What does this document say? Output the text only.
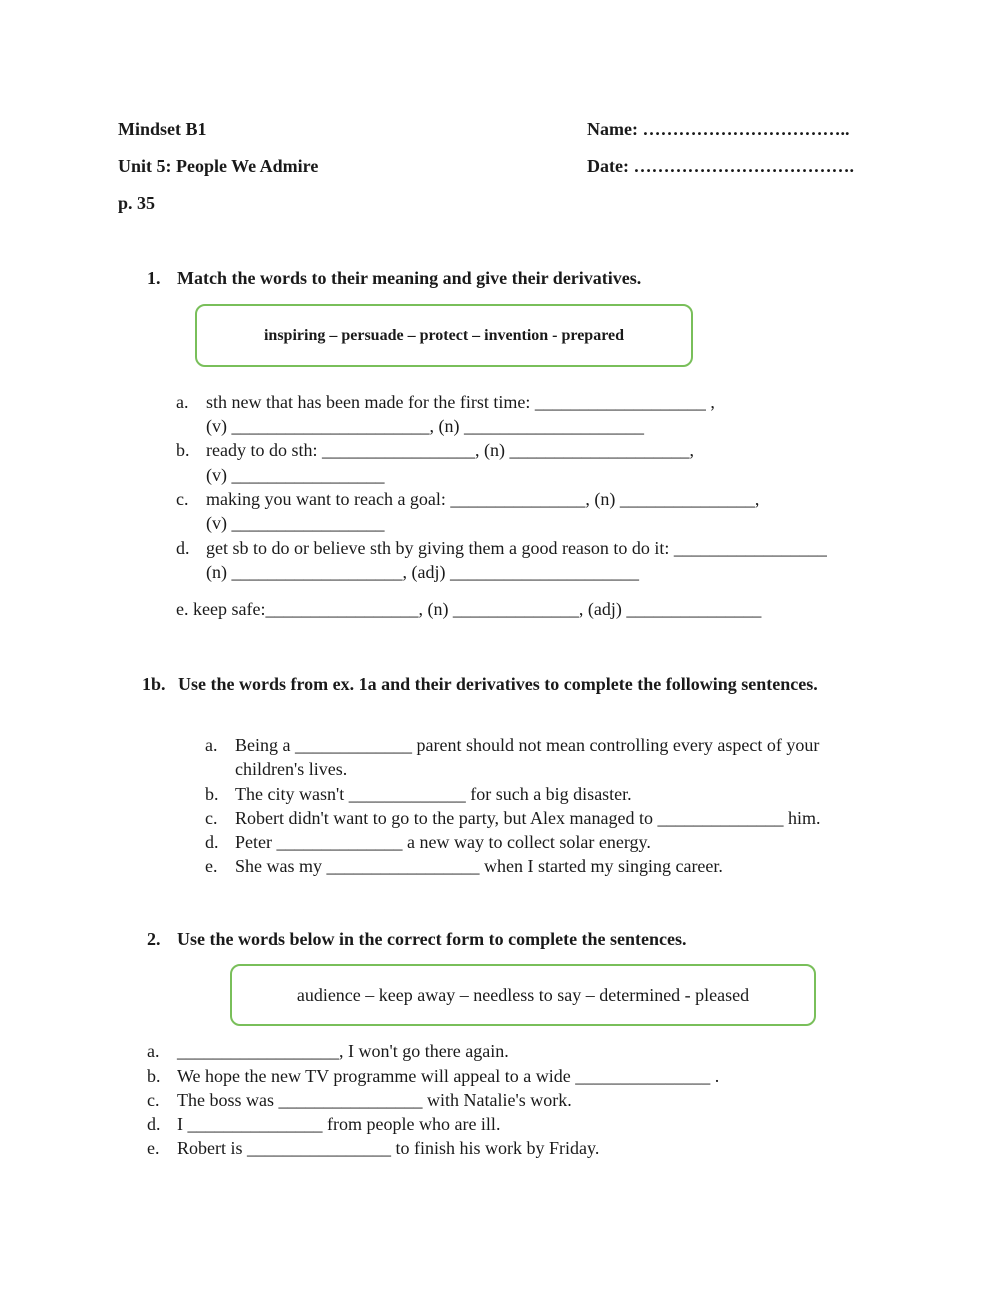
Mindset B1
Unit 5: People We Admire
p. 35
Name: ……………………………..
Date: ……………………………….
1. Match the words to their meaning and give their derivatives.
inspiring – persuade – protect – invention - prepared
a. sth new that has been made for the first time: ___________________ ,
(v) ______________________, (n) ____________________
b. ready to do sth: _________________, (n) ____________________,
(v) _________________
c. making you want to reach a goal: _______________, (n) _______________,
(v) _________________
d. get sb to do or believe sth by giving them a good reason to do it: _________________
(n) ___________________, (adj) _____________________
e. keep safe:_________________, (n) ______________, (adj) _______________
1b. Use the words from ex. 1a and their derivatives to complete the following sentences.
a. Being a _____________ parent should not mean controlling every aspect of your
children's lives.
b. The city wasn't _____________ for such a big disaster.
c. Robert didn't want to go to the party, but Alex managed to ______________ him.
d. Peter ______________ a new way to collect solar energy.
e. She was my _________________ when I started my singing career.
2. Use the words below in the correct form to complete the sentences.
audience – keep away – needless to say – determined - pleased
a. __________________, I won't go there again.
b. We hope the new TV programme will appeal to a wide _______________ .
c. The boss was ________________ with Natalie's work.
d. I _______________ from people who are ill.
e. Robert is ________________ to finish his work by Friday.
